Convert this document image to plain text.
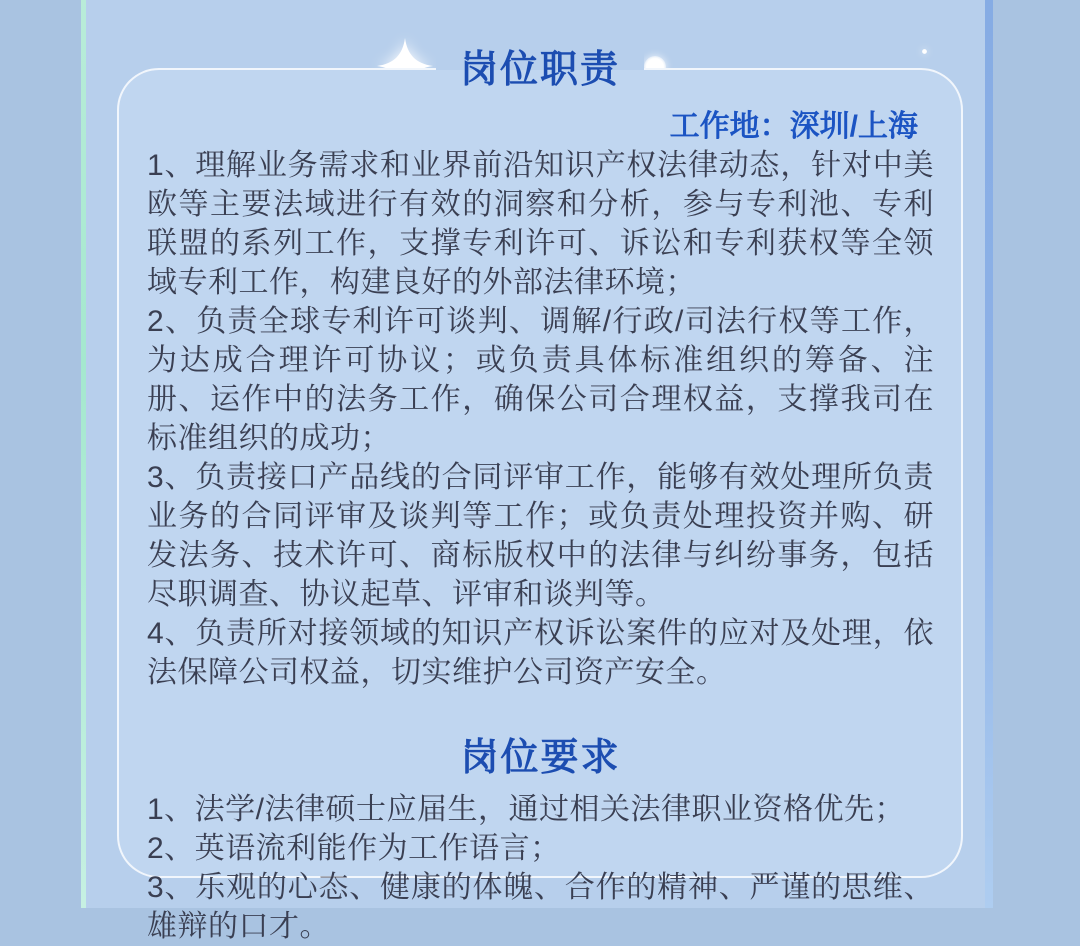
岗位职责

工作地：深圳/上海

1、理解业务需求和业界前沿知识产权法律动态，针对中美欧等主要法域进行有效的洞察和分析，参与专利池、专利联盟的系列工作，支撑专利许可、诉讼和专利获权等全领域专利工作，构建良好的外部法律环境；

2、负责全球专利许可谈判、调解/行政/司法行权等工作，为达成合理许可协议；或负责具体标准组织的筹备、注册、运作中的法务工作，确保公司合理权益，支撑我司在标准组织的成功；

3、负责接口产品线的合同评审工作，能够有效处理所负责业务的合同评审及谈判等工作；或负责处理投资并购、研发法务、技术许可、商标版权中的法律与纠纷事务，包括尽职调查、协议起草、评审和谈判等。

4、负责所对接领域的知识产权诉讼案件的应对及处理，依法保障公司权益，切实维护公司资产安全。

岗位要求

1、法学/法律硕士应届生，通过相关法律职业资格优先；

2、英语流利能作为工作语言；

3、乐观的心态、健康的体魄、合作的精神、严谨的思维、雄辩的口才。
